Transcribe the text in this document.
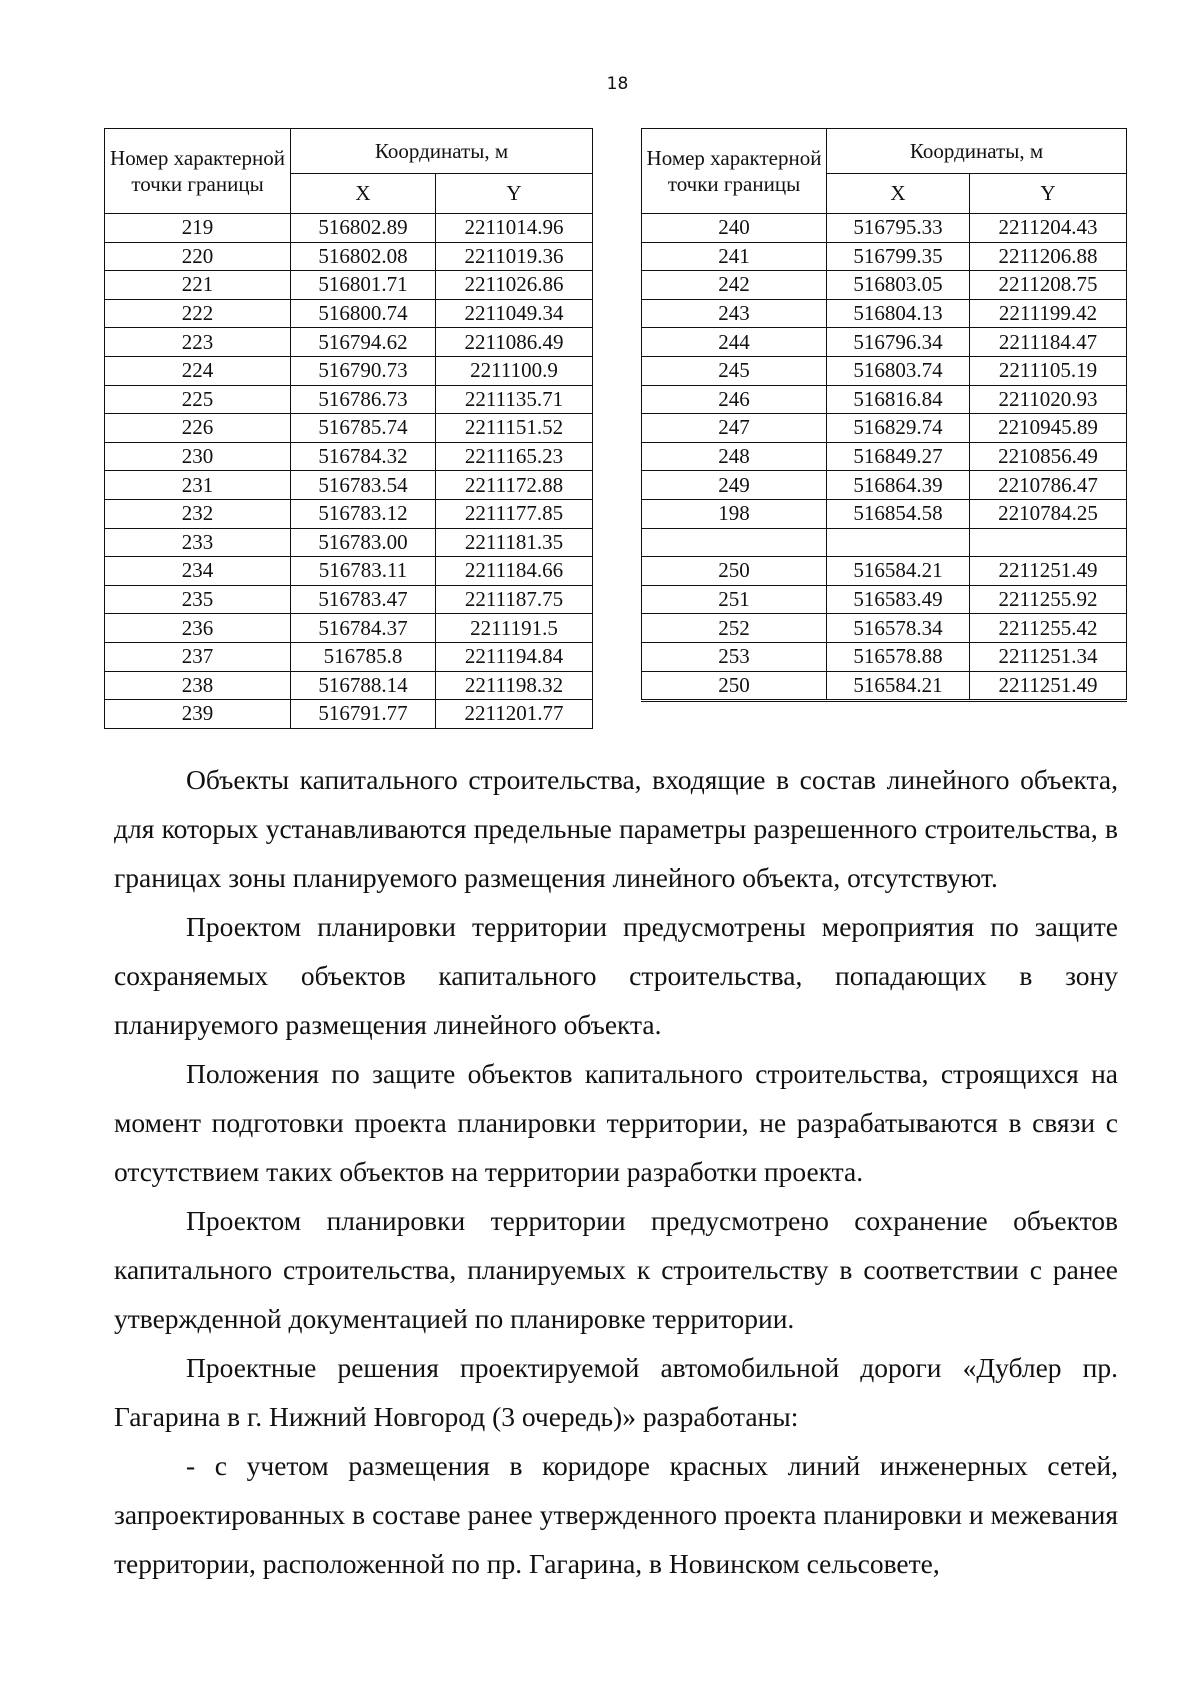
18
Номер характерной точки границы	Координаты, м	
	X	Y
219	516802.89	2211014.96
220	516802.08	2211019.36
221	516801.71	2211026.86
222	516800.74	2211049.34
223	516794.62	2211086.49
224	516790.73	2211100.9
225	516786.73	2211135.71
226	516785.74	2211151.52
230	516784.32	2211165.23
231	516783.54	2211172.88
232	516783.12	2211177.85
233	516783.00	2211181.35
234	516783.11	2211184.66
235	516783.47	2211187.75
236	516784.37	2211191.5
237	516785.8	2211194.84
238	516788.14	2211198.32
239	516791.77	2211201.77
Номер характерной точки границы	Координаты, м	
	X	Y
240	516795.33	2211204.43
241	516799.35	2211206.88
242	516803.05	2211208.75
243	516804.13	2211199.42
244	516796.34	2211184.47
245	516803.74	2211105.19
246	516816.84	2211020.93
247	516829.74	2210945.89
248	516849.27	2210856.49
249	516864.39	2210786.47
198	516854.58	2210784.25

250	516584.21	2211251.49
251	516583.49	2211255.92
252	516578.34	2211255.42
253	516578.88	2211251.34
250	516584.21	2211251.49

Объекты капитального строительства, входящие в состав линейного объекта, для которых устанавливаются предельные параметры разрешенного строительства, в границах зоны планируемого размещения линейного объекта, отсутствуют.

Проектом планировки территории предусмотрены мероприятия по защите сохраняемых объектов капитального строительства, попадающих в зону планируемого размещения линейного объекта.

Положения по защите объектов капитального строительства, строящихся на момент подготовки проекта планировки территории, не разрабатываются в связи с отсутствием таких объектов на территории разработки проекта.

Проектом планировки территории предусмотрено сохранение объектов капитального строительства, планируемых к строительству в соответствии с ранее утвержденной документацией по планировке территории.

Проектные решения проектируемой автомобильной дороги «Дублер пр. Гагарина в г. Нижний Новгород (3 очередь)» разработаны:

- с учетом размещения в коридоре красных линий инженерных сетей, запроектированных в составе ранее утвержденного проекта планировки и межевания территории, расположенной по пр. Гагарина, в Новинском сельсовете,
